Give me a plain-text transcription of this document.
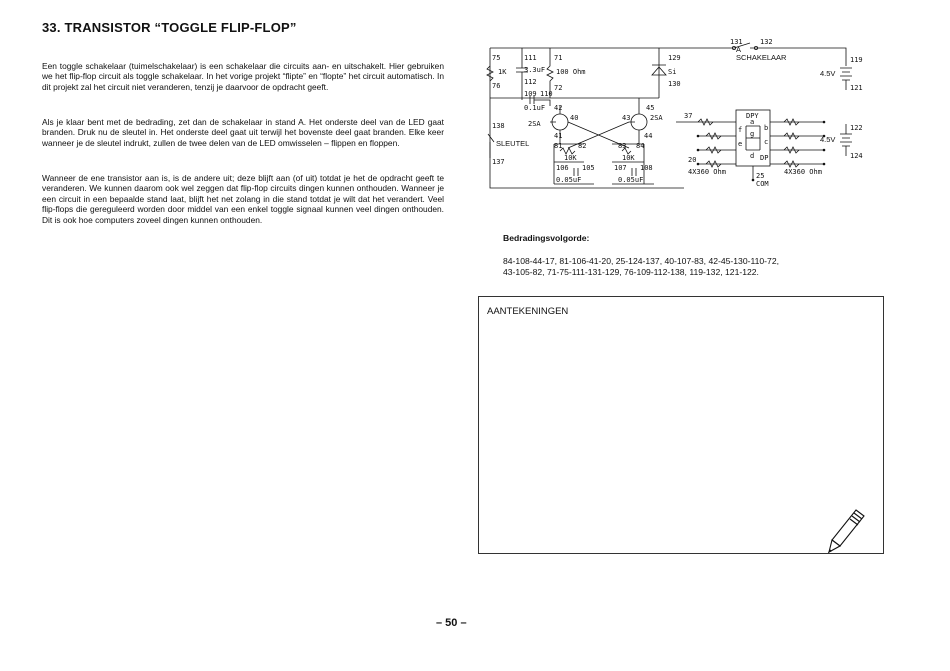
33. TRANSISTOR “TOGGLE FLIP-FLOP”
Een toggle schakelaar (tuimelschakelaar) is een schakelaar die circuits aan- en uitschakelt. Hier gebruiken we het flip-flop circuit als toggle schakelaar. In het vorige projekt “flipte” en “flopte” het circuit automatisch. In dit projekt zal het circuit niet veranderen, tenzij je daarvoor de opdracht geeft.
Als je klaar bent met de bedrading, zet dan de schakelaar in stand A. Het onderste deel van de LED gaat branden. Druk nu de sleutel in. Het onderste deel gaat uit terwijl het bovenste deel gaat branden. Elke keer wanneer je de sleutel indrukt, zullen de twee delen van de LED omwisselen – flippen en floppen.
Wanneer de ene transistor aan is, is de andere uit; deze blijft aan (of uit) totdat je het de opdracht geeft te veranderen. We kunnen daarom ook wel zeggen dat flip-flop circuits dingen kunnen onthouden. Wanneer je een circuit in een bepaalde stand laat, blijft het net zolang in die stand totdat je wilt dat het verandert. Veel flip-flops die gereguleerd worden door middel van een enkel toggle signaal kunnen veel dingen onthouden. Dit is ook hoe computers zoveel dingen kunnen onthouden.
75
76
71
72
111
112
109 110
129
130
131 132
119
121
122
124
42
41
45
44
40	43
138
137
81 82	83 84
106 105	107 108
37
20
25
1K	3.3uF 100 Ohm
0.1uF
2SA
2SA
10K	10K
0.05uF	0.05uF
Si	4.5V
4.5V
4X360 Ohm	4X360 Ohm
DPY
COM
A
SCHAKELAAR
SLEUTEL
a
b
c
d
e
f g
DP
Bedradingsvolgorde:
84-108-44-17, 81-106-41-20, 25-124-137, 40-107-83, 42-45-130-110-72,
43-105-82, 71-75-111-131-129, 76-109-112-138, 119-132, 121-122.
AANTEKENINGEN
– 50 –
